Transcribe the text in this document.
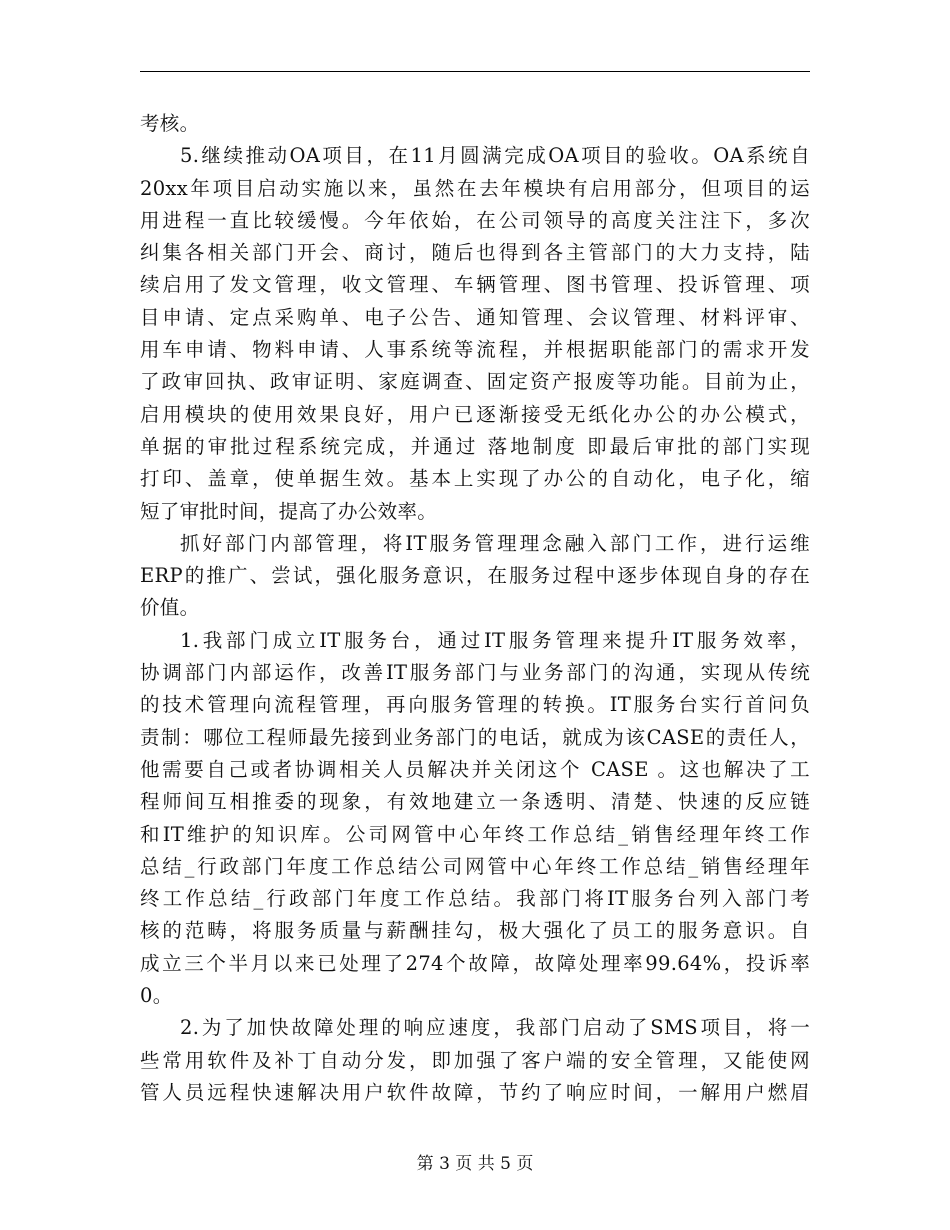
考核。
5.继续推动OA项目，在11月圆满完成OA项目的验收。OA系统自
20xx年项目启动实施以来，虽然在去年模块有启用部分，但项目的运
用进程一直比较缓慢。今年依始，在公司领导的高度关注注下，多次
纠集各相关部门开会、商讨，随后也得到各主管部门的大力支持，陆
续启用了发文管理，收文管理、车辆管理、图书管理、投诉管理、项
目申请、定点采购单、电子公告、通知管理、会议管理、材料评审、
用车申请、物料申请、人事系统等流程，并根据职能部门的需求开发
了政审回执、政审证明、家庭调查、固定资产报废等功能。目前为止，
启用模块的使用效果良好，用户已逐渐接受无纸化办公的办公模式，
单据的审批过程系统完成，并通过 落地制度 即最后审批的部门实现
打印、盖章，使单据生效。基本上实现了办公的自动化，电子化，缩
短了审批时间，提高了办公效率。
抓好部门内部管理，将IT服务管理理念融入部门工作，进行运维
ERP的推广、尝试，强化服务意识，在服务过程中逐步体现自身的存在
价值。
1.我部门成立IT服务台，通过IT服务管理来提升IT服务效率，
协调部门内部运作，改善IT服务部门与业务部门的沟通，实现从传统
的技术管理向流程管理，再向服务管理的转换。IT服务台实行首问负
责制：哪位工程师最先接到业务部门的电话，就成为该CASE的责任人，
他需要自己或者协调相关人员解决并关闭这个 CASE 。这也解决了工
程师间互相推委的现象，有效地建立一条透明、清楚、快速的反应链
和IT维护的知识库。公司网管中心年终工作总结_销售经理年终工作
总结_行政部门年度工作总结公司网管中心年终工作总结_销售经理年
终工作总结_行政部门年度工作总结。我部门将IT服务台列入部门考
核的范畴，将服务质量与薪酬挂勾，极大强化了员工的服务意识。自
成立三个半月以来已处理了274个故障，故障处理率99.64%，投诉率
0。
2.为了加快故障处理的响应速度，我部门启动了SMS项目，将一
些常用软件及补丁自动分发，即加强了客户端的安全管理，又能使网
管人员远程快速解决用户软件故障，节约了响应时间，一解用户燃眉
第 3 页 共 5 页
